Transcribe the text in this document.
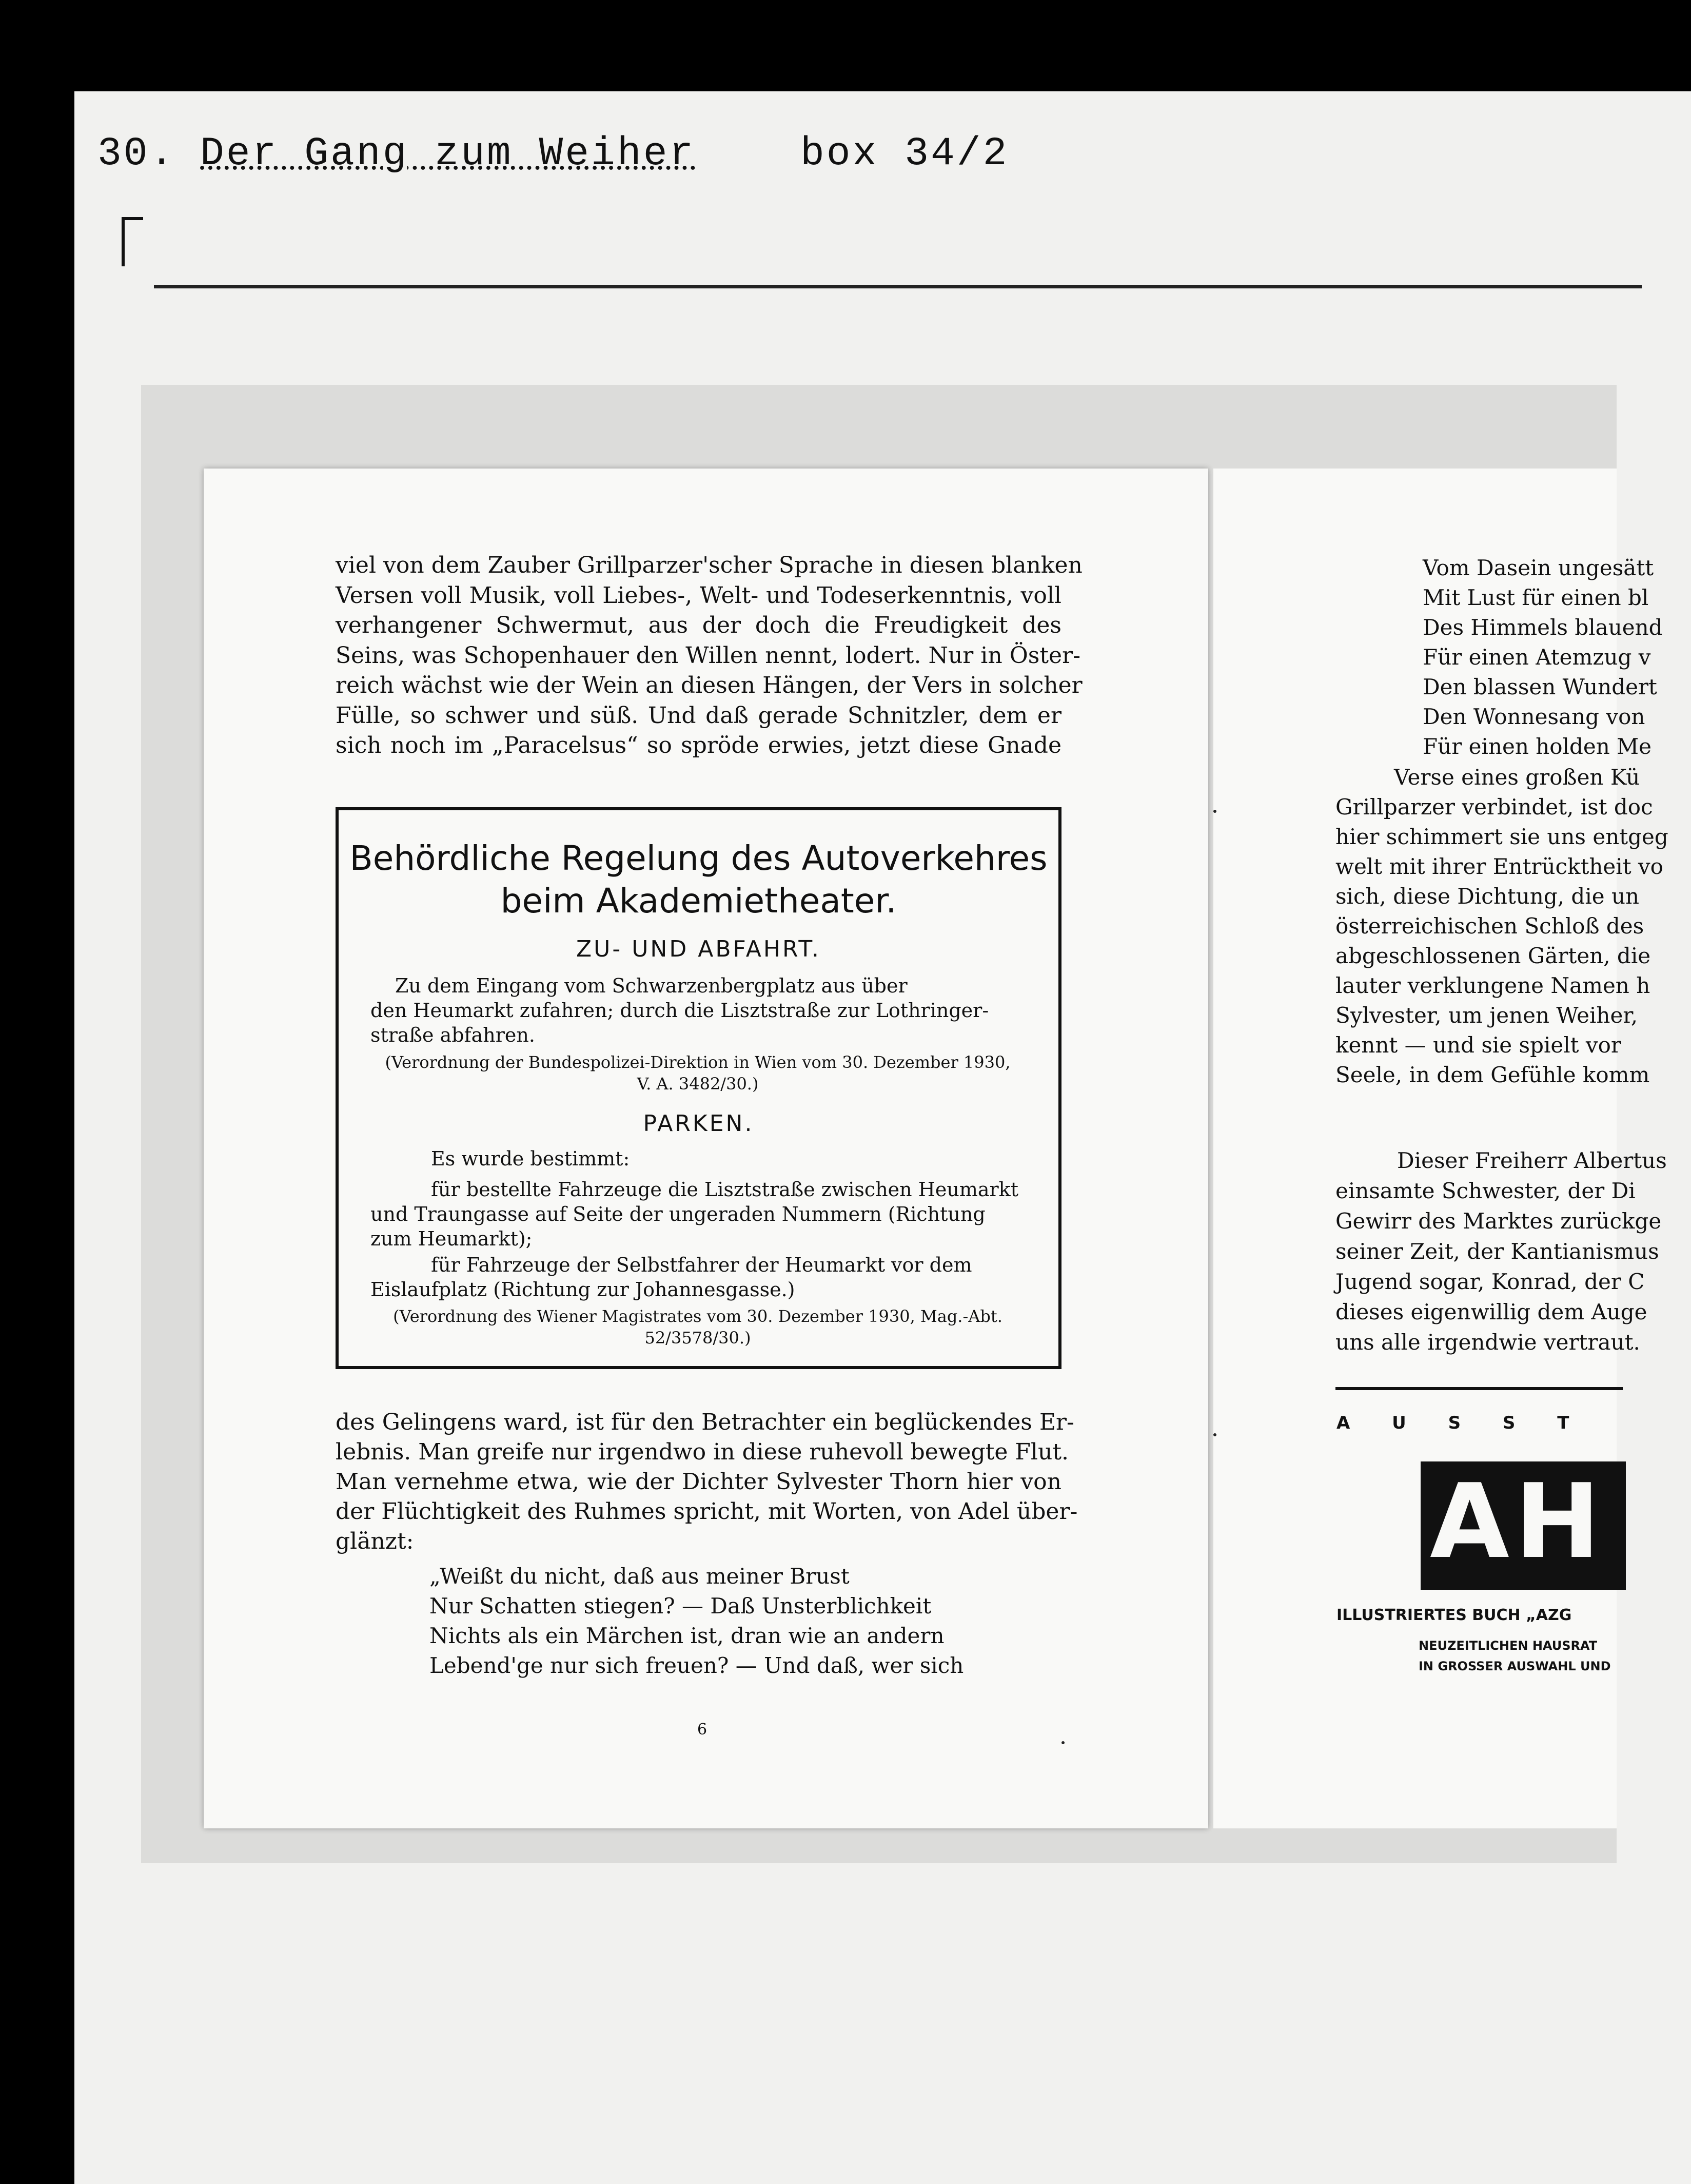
30. Der Gang zum Weiher	box 34/2
viel von dem Zauber Grillparzer'scher Sprache in diesen blanken
Versen voll Musik, voll Liebes-, Welt- und Todeserkenntnis, voll
verhangener Schwermut, aus der doch die Freudigkeit des
Seins, was Schopenhauer den Willen nennt, lodert. Nur in Öster-
reich wächst wie der Wein an diesen Hängen, der Vers in solcher
Fülle, so schwer und süß. Und daß gerade Schnitzler, dem er
sich noch im „Paracelsus“ so spröde erwies, jetzt diese Gnade
Behördliche Regelung des Autoverkehres
beim Akademietheater.
ZU- UND ABFAHRT.
Zu dem Eingang vom Schwarzenbergplatz aus über
den Heumarkt zufahren; durch die Lisztstraße zur Lothringer-
straße abfahren.
(Verordnung der Bundespolizei-Direktion in Wien vom 30. Dezember 1930,
V. A. 3482/30.)
PARKEN.
Es wurde bestimmt:
für bestellte Fahrzeuge die Lisztstraße zwischen Heumarkt
und Traungasse auf Seite der ungeraden Nummern (Richtung
zum Heumarkt);
für Fahrzeuge der Selbstfahrer der Heumarkt vor dem
Eislaufplatz (Richtung zur Johannesgasse.)
(Verordnung des Wiener Magistrates vom 30. Dezember 1930, Mag.-Abt.
52/3578/30.)
des Gelingens ward, ist für den Betrachter ein beglückendes Er-
lebnis. Man greife nur irgendwo in diese ruhevoll bewegte Flut.
Man vernehme etwa, wie der Dichter Sylvester Thorn hier von
der Flüchtigkeit des Ruhmes spricht, mit Worten, von Adel über-
glänzt:
„Weißt du nicht, daß aus meiner Brust
Nur Schatten stiegen? — Daß Unsterblichkeit
Nichts als ein Märchen ist, dran wie an andern
Lebend'ge nur sich freuen? — Und daß, wer sich
6
Vom Dasein ungesätt
Mit Lust für einen bl
Des Himmels blauend
Für einen Atemzug v
Den blassen Wundert
Den Wonnesang von
Für einen holden Me
Verse eines großen Kü
Grillparzer verbindet, ist doc
hier schimmert sie uns entgeg
welt mit ihrer Entrücktheit vo
sich, diese Dichtung, die un
österreichischen Schloß des
abgeschlossenen Gärten, die
lauter verklungene Namen h
Sylvester, um jenen Weiher,
kennt — und sie spielt vor
Seele, in dem Gefühle komm
Dieser Freiherr Albertus
einsamte Schwester, der Di
Gewirr des Marktes zurückge
seiner Zeit, der Kantianismus
Jugend sogar, Konrad, der C
dieses eigenwillig dem Auge
uns alle irgendwie vertraut.
A U S S T
AH
ILLUSTRIERTES BUCH „AZG
NEUZEITLICHEN HAUSRAT
IN GROSSER AUSWAHL UND
